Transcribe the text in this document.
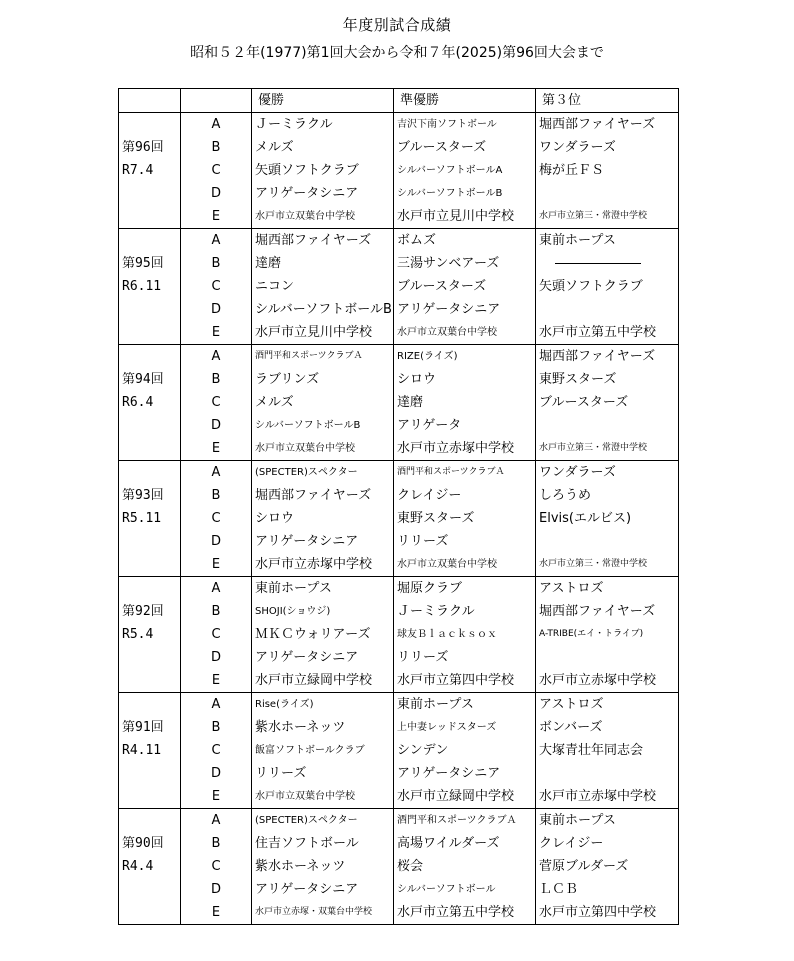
年度別試合成績
昭和５２年(1977)第1回大会から令和７年(2025)第96回大会まで
		優勝	準優勝	第３位
	A	Ｊーミラクル	吉沢下南ソフトボール	堀西部ファイヤーズ
第96回	B	メルズ	ブルースターズ	ワンダラーズ
R7.4	C	矢頭ソフトクラブ	シルバーソフトボールA	梅が丘ＦＳ
	D	アリゲータシニア	シルバーソフトボールB	
	E	水戸市立双葉台中学校	水戸市立見川中学校	水戸市立第三・常澄中学校
	A	堀西部ファイヤーズ	ボムズ	東前ホープス
第95回	B	達磨	三湯サンベアーズ	
R6.11	C	ニコン	ブルースターズ	矢頭ソフトクラブ
	D	シルバーソフトボールB	アリゲータシニア	
	E	水戸市立見川中学校	水戸市立双葉台中学校	水戸市立第五中学校
	A	酒門平和スポーツクラブＡ	RIZE(ライズ)	堀西部ファイヤーズ
第94回	B	ラブリンズ	シロウ	東野スターズ
R6.4	C	メルズ	達磨	ブルースターズ
	D	シルバーソフトボールB	アリゲータ	
	E	水戸市立双葉台中学校	水戸市立赤塚中学校	水戸市立第三・常澄中学校
	A	(SPECTER)スペクター	酒門平和スポーツクラブＡ	ワンダラーズ
第93回	B	堀西部ファイヤーズ	クレイジー	しろうめ
R5.11	C	シロウ	東野スターズ	Elvis(エルビス)
	D	アリゲータシニア	リリーズ	
	E	水戸市立赤塚中学校	水戸市立双葉台中学校	水戸市立第三・常澄中学校
	A	東前ホープス	堀原クラブ	アストロズ
第92回	B	SHOJI(ショウジ)	Ｊーミラクル	堀西部ファイヤーズ
R5.4	C	ＭＫＣウォリアーズ	球友Ｂｌａｃｋｓｏｘ	A-TRIBE(エイ・トライブ)
	D	アリゲータシニア	リリーズ	
	E	水戸市立緑岡中学校	水戸市立第四中学校	水戸市立赤塚中学校
	A	Rise(ライズ)	東前ホープス	アストロズ
第91回	B	紫水ホーネッツ	上中妻レッドスターズ	ボンバーズ
R4.11	C	飯富ソフトボールクラブ	シンデン	大塚青壮年同志会
	D	リリーズ	アリゲータシニア	
	E	水戸市立双葉台中学校	水戸市立緑岡中学校	水戸市立赤塚中学校
	A	(SPECTER)スペクター	酒門平和スポーツクラブＡ	東前ホープス
第90回	B	住吉ソフトボール	高場ワイルダーズ	クレイジー
R4.4	C	紫水ホーネッツ	桜会	菅原ブルダーズ
	D	アリゲータシニア	シルバーソフトボール	ＬＣＢ
	E	水戸市立赤塚・双葉台中学校	水戸市立第五中学校	水戸市立第四中学校
